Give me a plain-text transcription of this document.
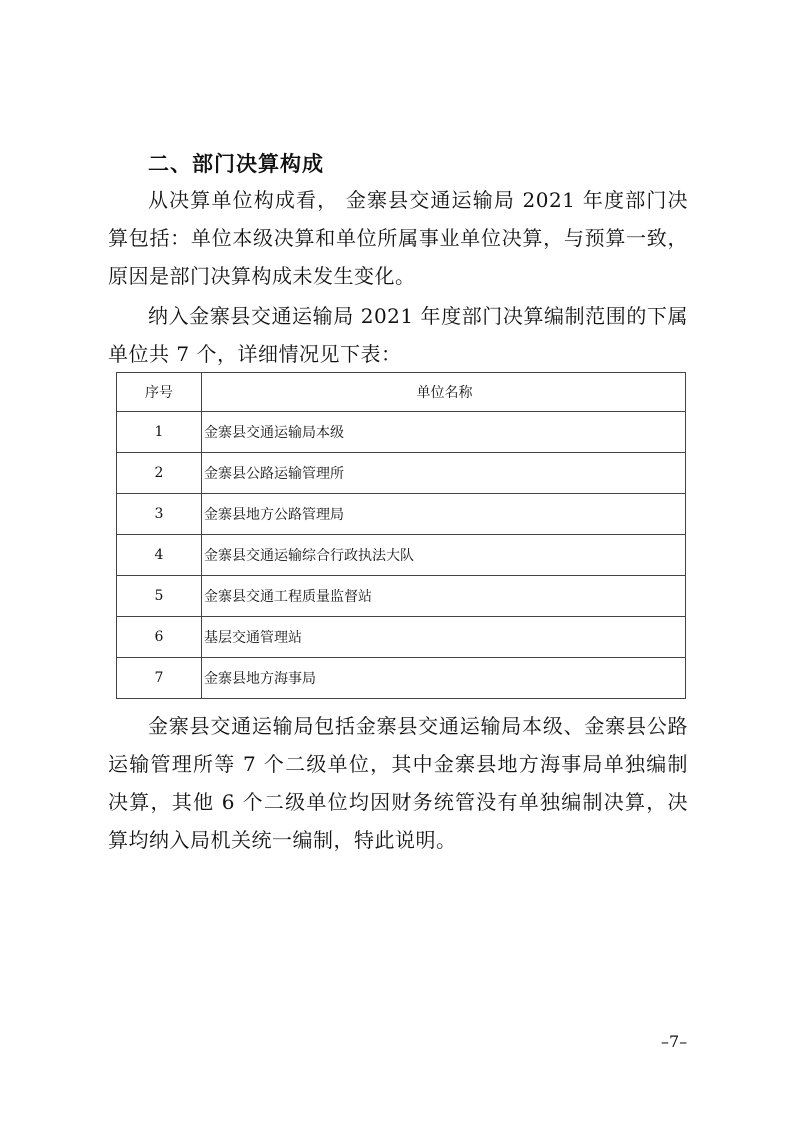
二、部门决算构成
从决算单位构成看， 金寨县交通运输局 2021 年度部门决算包括：单位本级决算和单位所属事业单位决算，与预算一致，原因是部门决算构成未发生变化。
纳入金寨县交通运输局 2021 年度部门决算编制范围的下属单位共 7 个，详细情况见下表：
序号	单位名称
1	金寨县交通运输局本级
2	金寨县公路运输管理所
3	金寨县地方公路管理局
4	金寨县交通运输综合行政执法大队
5	金寨县交通工程质量监督站
6	基层交通管理站
7	金寨县地方海事局
金寨县交通运输局包括金寨县交通运输局本级、金寨县公路运输管理所等 7 个二级单位，其中金寨县地方海事局单独编制决算，其他 6 个二级单位均因财务统管没有单独编制决算，决算均纳入局机关统一编制，特此说明。
–7–
